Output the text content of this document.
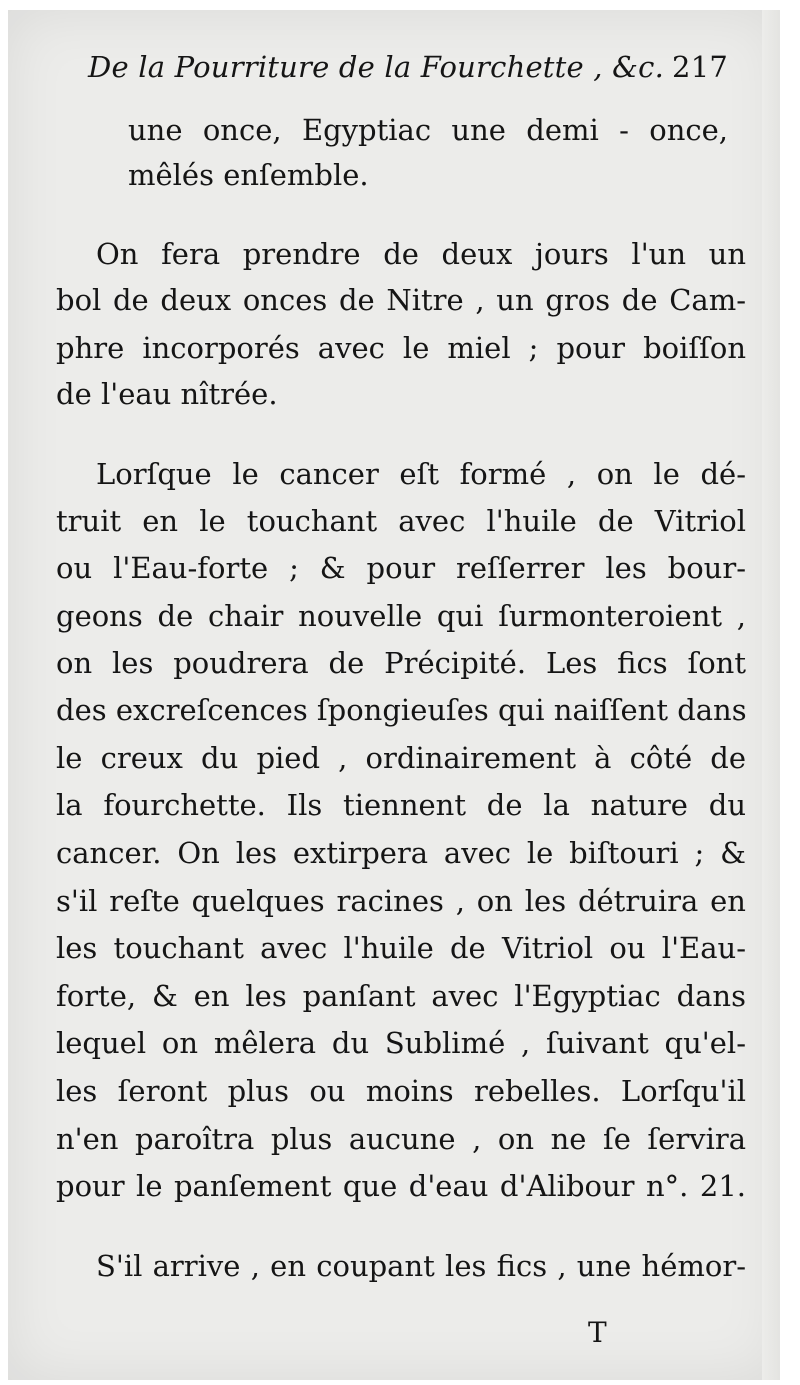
De la Pourriture de la Fourchette , &c. 217
une once, Egyptiac une demi - once,
mêlés enſemble.
On fera prendre de deux jours l'un un
bol de deux onces de Nitre , un gros de Cam-
phre incorporés avec le miel ; pour boiſſon
de l'eau nîtrée.
Lorſque le cancer eſt formé , on le dé-
truit en le touchant avec l'huile de Vitriol
ou l'Eau-forte ; & pour reſſerrer les bour-
geons de chair nouvelle qui ſurmonteroient ,
on les poudrera de Précipité. Les fics ſont
des excreſcences ſpongieuſes qui naiſſent dans
le creux du pied , ordinairement à côté de
la fourchette. Ils tiennent de la nature du
cancer. On les extirpera avec le biſtouri ; &
s'il reſte quelques racines , on les détruira en
les touchant avec l'huile de Vitriol ou l'Eau-
forte, & en les panſant avec l'Egyptiac dans
lequel on mêlera du Sublimé , ſuivant qu'el-
les ſeront plus ou moins rebelles. Lorſqu'il
n'en paroîtra plus aucune , on ne ſe ſervira
pour le panſement que d'eau d'Alibour n°. 21.
S'il arrive , en coupant les fics , une hémor-
T
